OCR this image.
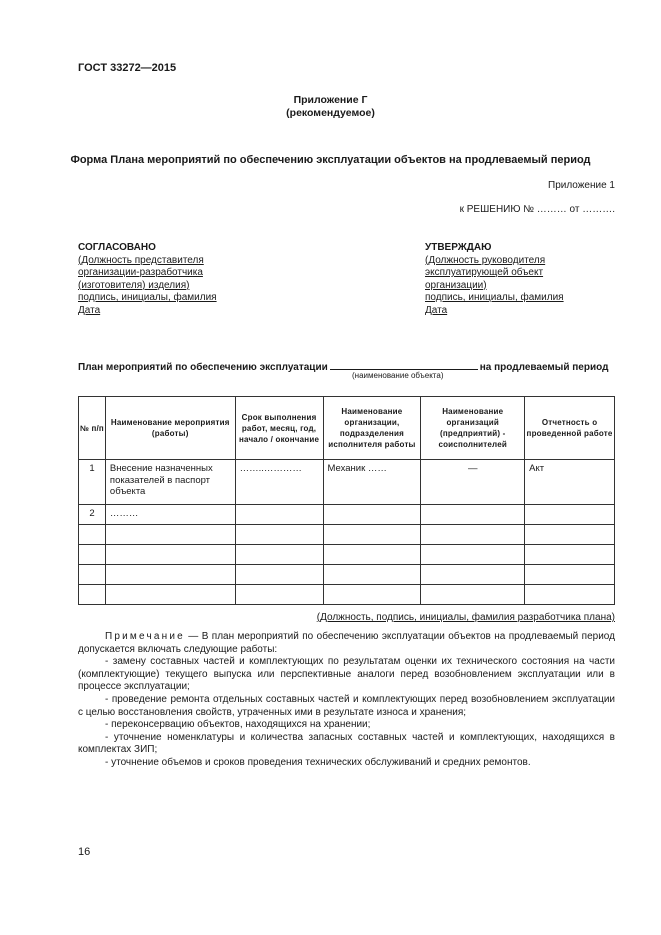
ГОСТ 33272—2015
Приложение Г
(рекомендуемое)
Форма Плана мероприятий по обеспечению эксплуатации объектов на продлеваемый период
Приложение 1
к РЕШЕНИЮ № ……… от ……….
СОГЛАСОВАНО
(Должность представителя
организации-разработчика
(изготовителя) изделия)
подпись, инициалы, фамилия
Дата
УТВЕРЖДАЮ
(Должность руководителя
эксплуатирующей объект
организации)
подпись, инициалы, фамилия
Дата
План мероприятий по обеспечению эксплуатации	на продлеваемый период
(наименование объекта)
№ п/п	Наименование мероприятия (работы)	Срок выполнения работ, месяц, год, начало / окончание	Наименование организации, подразделения исполнителя работы	Наименование организаций (предприятий) - соисполнителей	Отчетность о проведенной работе
1	Внесение назначенных показателей в паспорт объекта	……..…………	Механик ……	—	Акт
2	………				

(Должность, подпись, инициалы, фамилия разработчика плана)

Примечание — В план мероприятий по обеспечению эксплуатации объектов на продлеваемый период допускается включать следующие работы:

- замену составных частей и комплектующих по результатам оценки их технического состояния на части (комплектующие) текущего выпуска или перспективные аналоги перед возобновлением эксплуатации или в процессе эксплуатации;

- проведение ремонта отдельных составных частей и комплектующих перед возобновлением эксплуатации с целью восстановления свойств, утраченных ими в результате износа и хранения;

- переконсервацию объектов, находящихся на хранении;

- уточнение номенклатуры и количества запасных составных частей и комплектующих, находящихся в комплектах ЗИП;

- уточнение объемов и сроков проведения технических обслуживаний и средних ремонтов.

16
